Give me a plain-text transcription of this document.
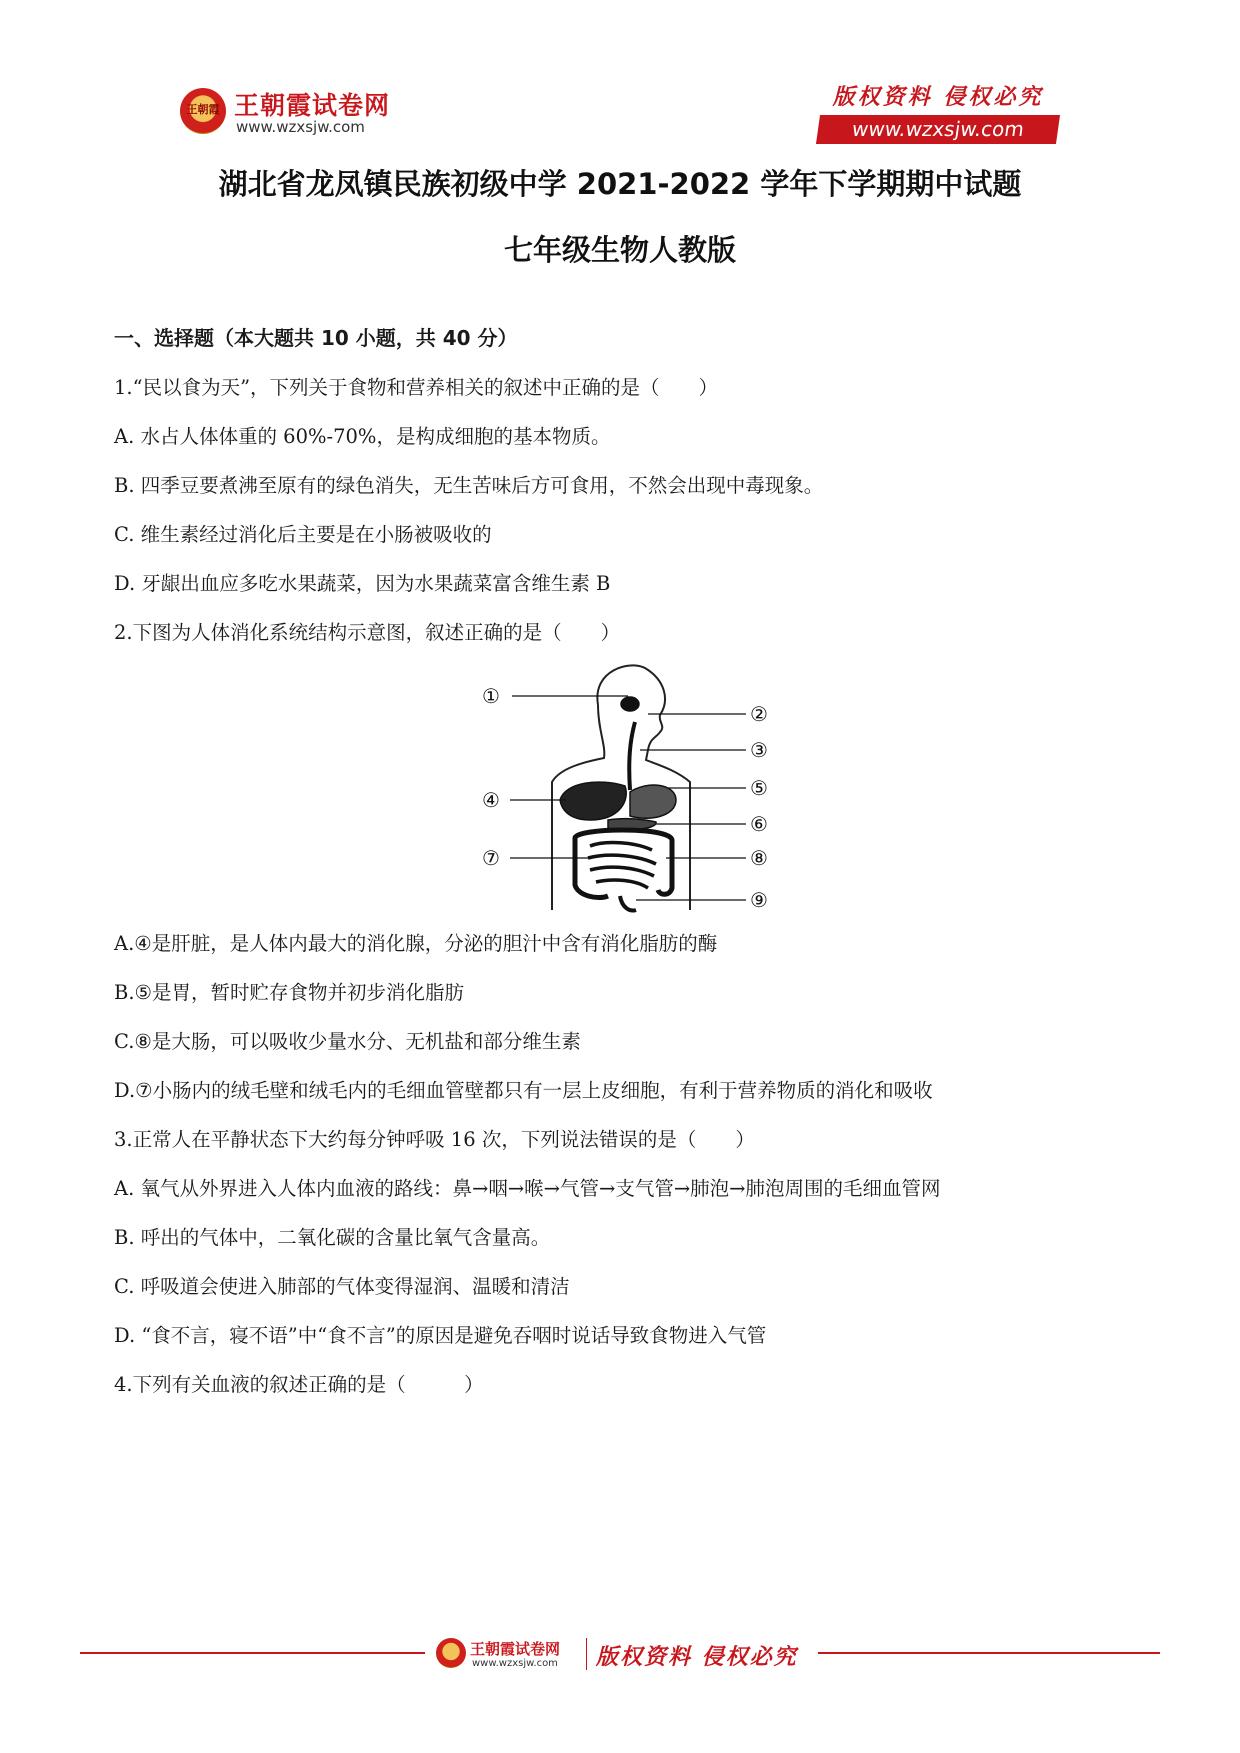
王朝霞 王朝霞试卷网
www.wzxsjw.com
版权资料 侵权必究
www.wzxsjw.com
湖北省龙凤镇民族初级中学 2021-2022 学年下学期期中试题
七年级生物人教版
一、选择题（本大题共 10 小题，共 40 分）
1.“民以食为天”，下列关于食物和营养相关的叙述中正确的是（　　）
A. 水占人体体重的 60%-70%，是构成细胞的基本物质。
B. 四季豆要煮沸至原有的绿色消失，无生苦味后方可食用，不然会出现中毒现象。
C. 维生素经过消化后主要是在小肠被吸收的
D. 牙龈出血应多吃水果蔬菜，因为水果蔬菜富含维生素 B
2.下图为人体消化系统结构示意图，叙述正确的是（　　）
①
②
③
④	⑤
⑥
⑦	⑧
⑨
A.④是肝脏，是人体内最大的消化腺，分泌的胆汁中含有消化脂肪的酶
B.⑤是胃，暂时贮存食物并初步消化脂肪
C.⑧是大肠，可以吸收少量水分、无机盐和部分维生素
D.⑦小肠内的绒毛壁和绒毛内的毛细血管壁都只有一层上皮细胞，有利于营养物质的消化和吸收
3.正常人在平静状态下大约每分钟呼吸 16 次，下列说法错误的是（　　）
A. 氧气从外界进入人体内血液的路线：鼻→咽→喉→气管→支气管→肺泡→肺泡周围的毛细血管网
B. 呼出的气体中，二氧化碳的含量比氧气含量高。
C. 呼吸道会使进入肺部的气体变得湿润、温暖和清洁
D. “食不言，寝不语”中“食不言”的原因是避免吞咽时说话导致食物进入气管
4.下列有关血液的叙述正确的是（　　　）
王朝霞试卷网
www.wzxsjw.com 版权资料 侵权必究
